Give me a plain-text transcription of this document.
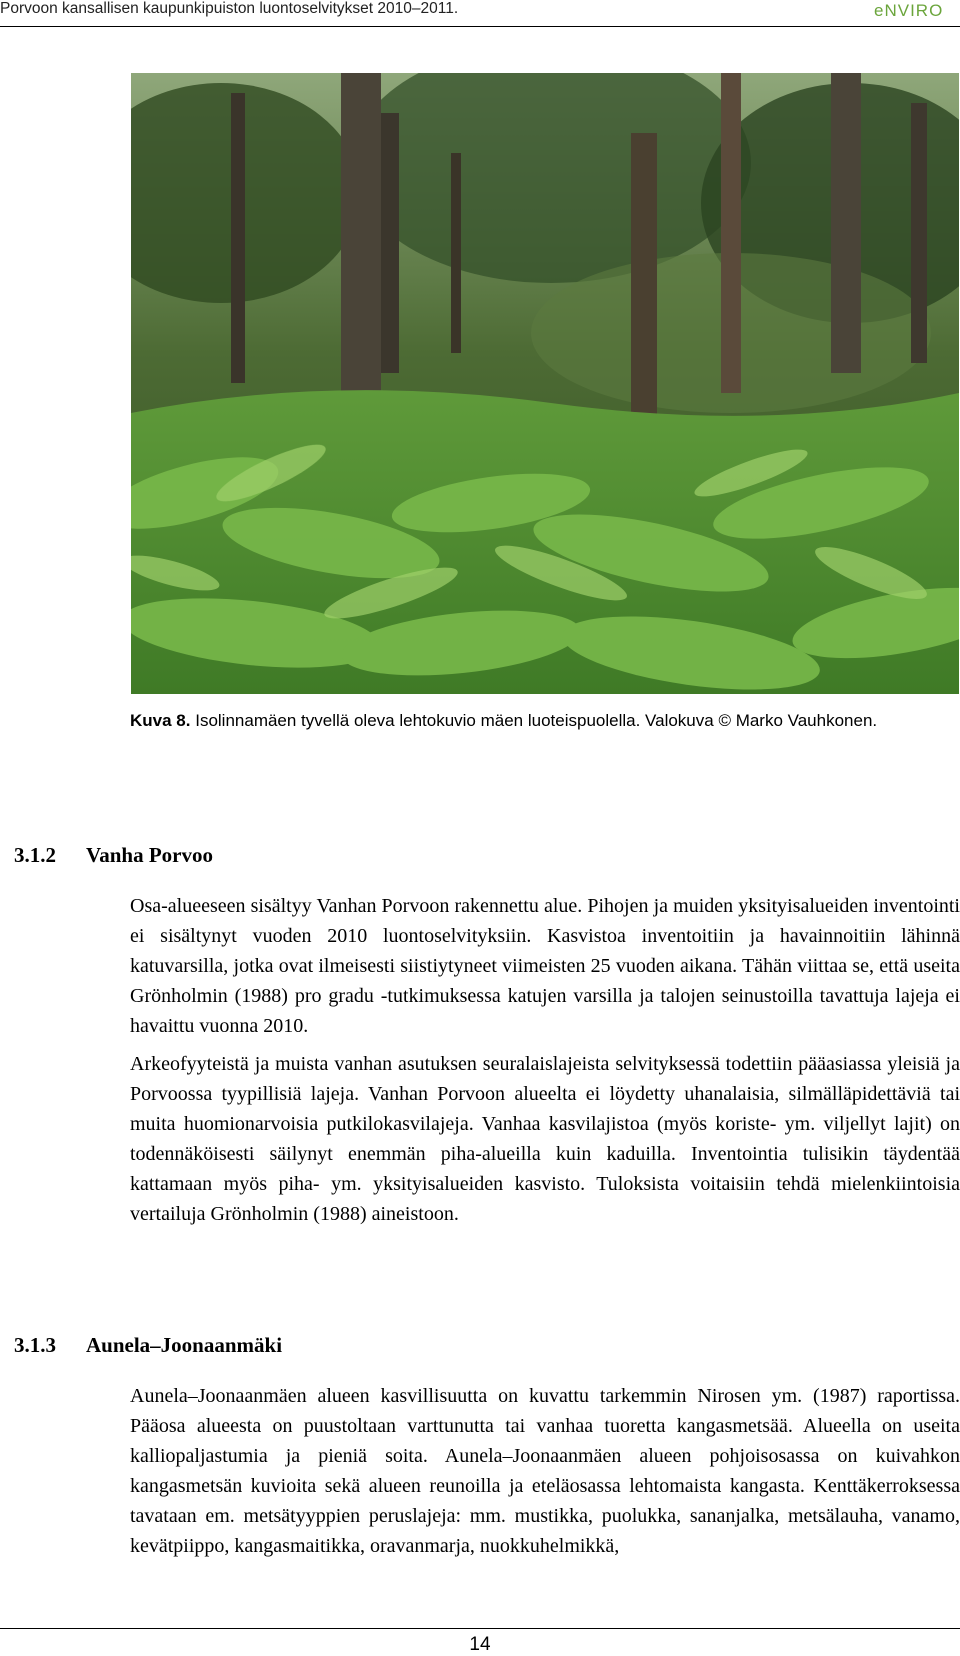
Porvoon kansallisen kaupunkipuiston luontoselvitykset 2010–2011.	eNVIRO
Kuva 8. Isolinnamäen tyvellä oleva lehtokuvio mäen luoteispuolella. Valokuva © Marko Vauhkonen.
3.1.2 Vanha Porvoo

Osa-alueeseen sisältyy Vanhan Porvoon rakennettu alue. Pihojen ja muiden yksityisalueiden inventointi ei sisältynyt vuoden 2010 luontoselvityksiin. Kasvistoa inventoitiin ja havainnoitiin lähinnä katuvarsilla, jotka ovat ilmeisesti siistiytyneet viimeisten 25 vuoden aikana. Tähän viittaa se, että useita Grönholmin (1988) pro gradu -tutkimuksessa katujen varsilla ja talojen seinustoilla tavattuja lajeja ei havaittu vuonna 2010.

Arkeofyyteistä ja muista vanhan asutuksen seuralaislajeista selvityksessä todettiin pääasiassa yleisiä ja Porvoossa tyypillisiä lajeja. Vanhan Porvoon alueelta ei löydetty uhanalaisia, silmälläpidettäviä tai muita huomionarvoisia putkilokasvilajeja. Vanhaa kasvilajistoa (myös koriste- ym. viljellyt lajit) on todennäköisesti säilynyt enemmän piha-alueilla kuin kaduilla. Inventointia tulisikin täydentää kattamaan myös piha- ym. yksityisalueiden kasvisto. Tuloksista voitaisiin tehdä mielenkiintoisia vertailuja Grönholmin (1988) aineistoon.

3.1.3 Aunela–Joonaanmäki

Aunela–Joonaanmäen alueen kasvillisuutta on kuvattu tarkemmin Nirosen ym. (1987) raportissa. Pääosa alueesta on puustoltaan varttunutta tai vanhaa tuoretta kangasmetsää. Alueella on useita kalliopaljastumia ja pieniä soita. Aunela–Joonaanmäen alueen pohjoisosassa on kuivahkon kangasmetsän kuvioita sekä alueen reunoilla ja eteläosassa lehtomaista kangasta. Kenttäkerroksessa tavataan em. metsätyyppien peruslajeja: mm. mustikka, puolukka, sananjalka, metsälauha, vanamo, kevätpiippo, kangasmaitikka, oravanmarja, nuokkuhelmikkä,

14
